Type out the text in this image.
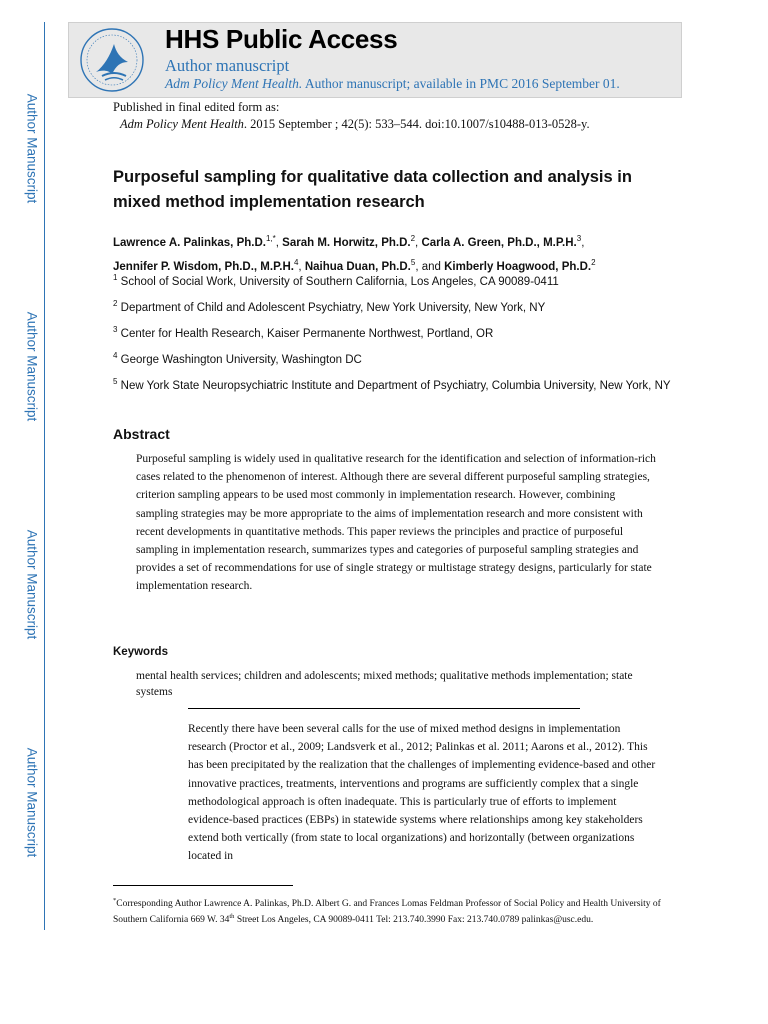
Author Manuscript
Author Manuscript
Author Manuscript
Author Manuscript
HHS Public Access
Author manuscript
Adm Policy Ment Health. Author manuscript; available in PMC 2016 September 01.
Published in final edited form as:
Adm Policy Ment Health. 2015 September ; 42(5): 533–544. doi:10.1007/s10488-013-0528-y.
Purposeful sampling for qualitative data collection and analysis in mixed method implementation research
Lawrence A. Palinkas, Ph.D.$^{1,*}$, Sarah M. Horwitz, Ph.D.$^2$, Carla A. Green, Ph.D., M.P.H.$^3$,
Jennifer P. Wisdom, Ph.D., M.P.H.$^4$, Naihua Duan, Ph.D.$^5$, and Kimberly Hoagwood, Ph.D.$^2$
$^1$ School of Social Work, University of Southern California, Los Angeles, CA 90089-0411
$^2$ Department of Child and Adolescent Psychiatry, New York University, New York, NY
$^3$ Center for Health Research, Kaiser Permanente Northwest, Portland, OR
$^4$ George Washington University, Washington DC
$^5$ New York State Neuropsychiatric Institute and Department of Psychiatry, Columbia University, New York, NY
Abstract
Purposeful sampling is widely used in qualitative research for the identification and selection of information-rich cases related to the phenomenon of interest. Although there are several different purposeful sampling strategies, criterion sampling appears to be used most commonly in implementation research. However, combining sampling strategies may be more appropriate to the aims of implementation research and more consistent with recent developments in quantitative methods. This paper reviews the principles and practice of purposeful sampling in implementation research, summarizes types and categories of purposeful sampling strategies and provides a set of recommendations for use of single strategy or multistage strategy designs, particularly for state implementation research.
Keywords
mental health services; children and adolescents; mixed methods; qualitative methods implementation; state systems
Recently there have been several calls for the use of mixed method designs in implementation research (Proctor et al., 2009; Landsverk et al., 2012; Palinkas et al. 2011; Aarons et al., 2012). This has been precipitated by the realization that the challenges of implementing evidence-based and other innovative practices, treatments, interventions and programs are sufficiently complex that a single methodological approach is often inadequate. This is particularly true of efforts to implement evidence-based practices (EBPs) in statewide systems where relationships among key stakeholders extend both vertically (from state to local organizations) and horizontally (between organizations located in
*Corresponding Author Lawrence A. Palinkas, Ph.D. Albert G. and Frances Lomas Feldman Professor of Social Policy and Health University of Southern California 669 W. 34th Street Los Angeles, CA 90089-0411 Tel: 213.740.3990 Fax: 213.740.0789 palinkas@usc.edu.
